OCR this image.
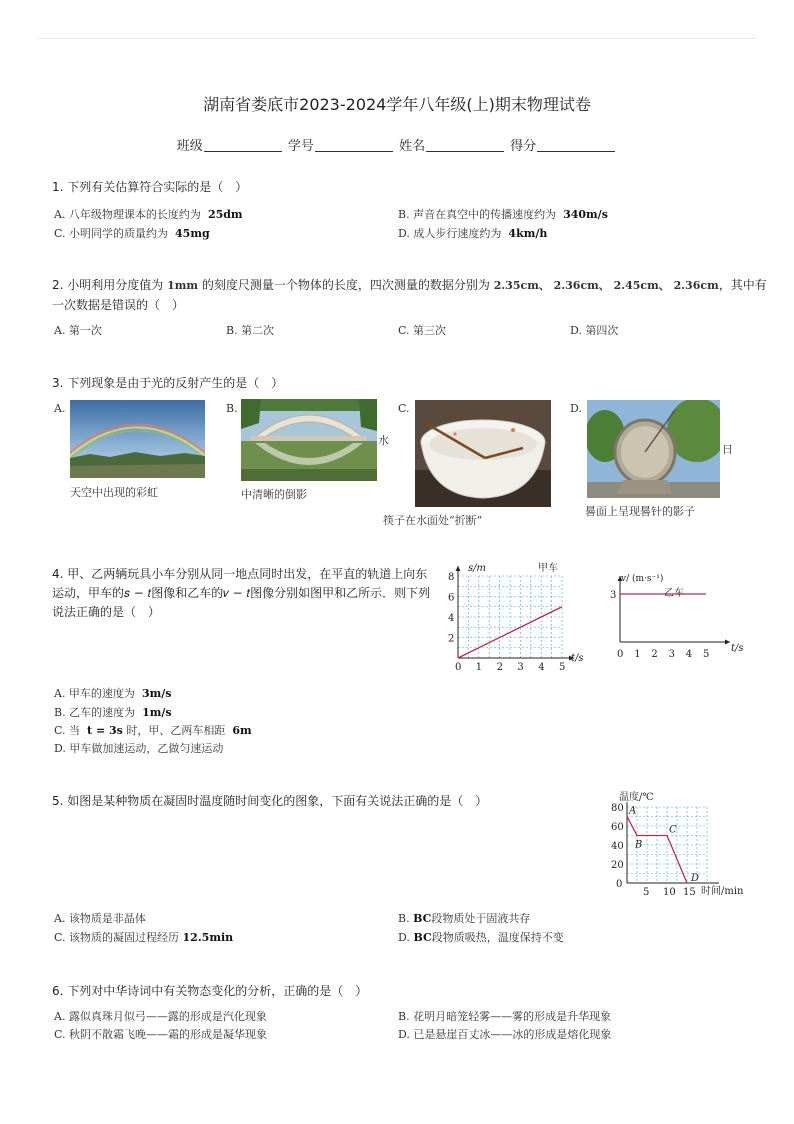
湖南省娄底市2023-2024学年八年级(上)期末物理试卷
班级	学号	姓名	得分
1. 下列有关估算符合实际的是（　）
A. 八年级物理课本的长度约为 25dm	B. 声音在真空中的传播速度约为 340m/s
C. 小明同学的质量约为 45mg	D. 成人步行速度约为 4km/h
2. 小明利用分度值为 1mm 的刻度尺测量一个物体的长度，四次测量的数据分别为 2.35cm、 2.36cm、 2.45cm、 2.36cm，其中有
一次数据是错误的（　）
A. 第一次	B. 第二次	C. 第三次	D. 第四次
3. 下列现象是由于光的反射产生的是（　）
A.
天空中出现的彩虹
B.
水
中清晰的倒影
C.
筷子在水面处“折断”
D.
日
晷面上呈现晷针的影子
4. 甲、乙两辆玩具小车分别从同一地点同时出发，在平直的轨道上向东
运动，甲车的𝑠 − 𝑡图像和乙车的𝑣 − 𝑡图像分别如图甲和乙所示．则下列
说法正确的是（　）
0 1 2 3 4 5
2
4
6
8
s/m	甲车
t/s	0 1 2 3 4 5
3
v/ (m·s⁻¹)
乙车
t/s
A. 甲车的速度为 3m/s
B. 乙车的速度为 1m/s
C. 当 t = 3s 时，甲、乙两车相距 6m
D. 甲车做加速运动，乙做匀速运动
5. 如图是某种物质在凝固时温度随时间变化的图象，下面有关说法正确的是（　）
0
5 10 15
20
40
60
80 A
B
C
D
温度/℃
时间/min
A. 该物质是非晶体	B. BC段物质处于固液共存
C. 该物质的凝固过程经历 12.5min	D. BC段物质吸热，温度保持不变
6. 下列对中华诗词中有关物态变化的分析，正确的是（　）
A. 露似真珠月似弓——露的形成是汽化现象	B. 花明月暗笼轻雾——雾的形成是升华现象
C. 秋阴不散霜飞晚——霜的形成是凝华现象	D. 已是悬崖百丈冰——冰的形成是熔化现象
